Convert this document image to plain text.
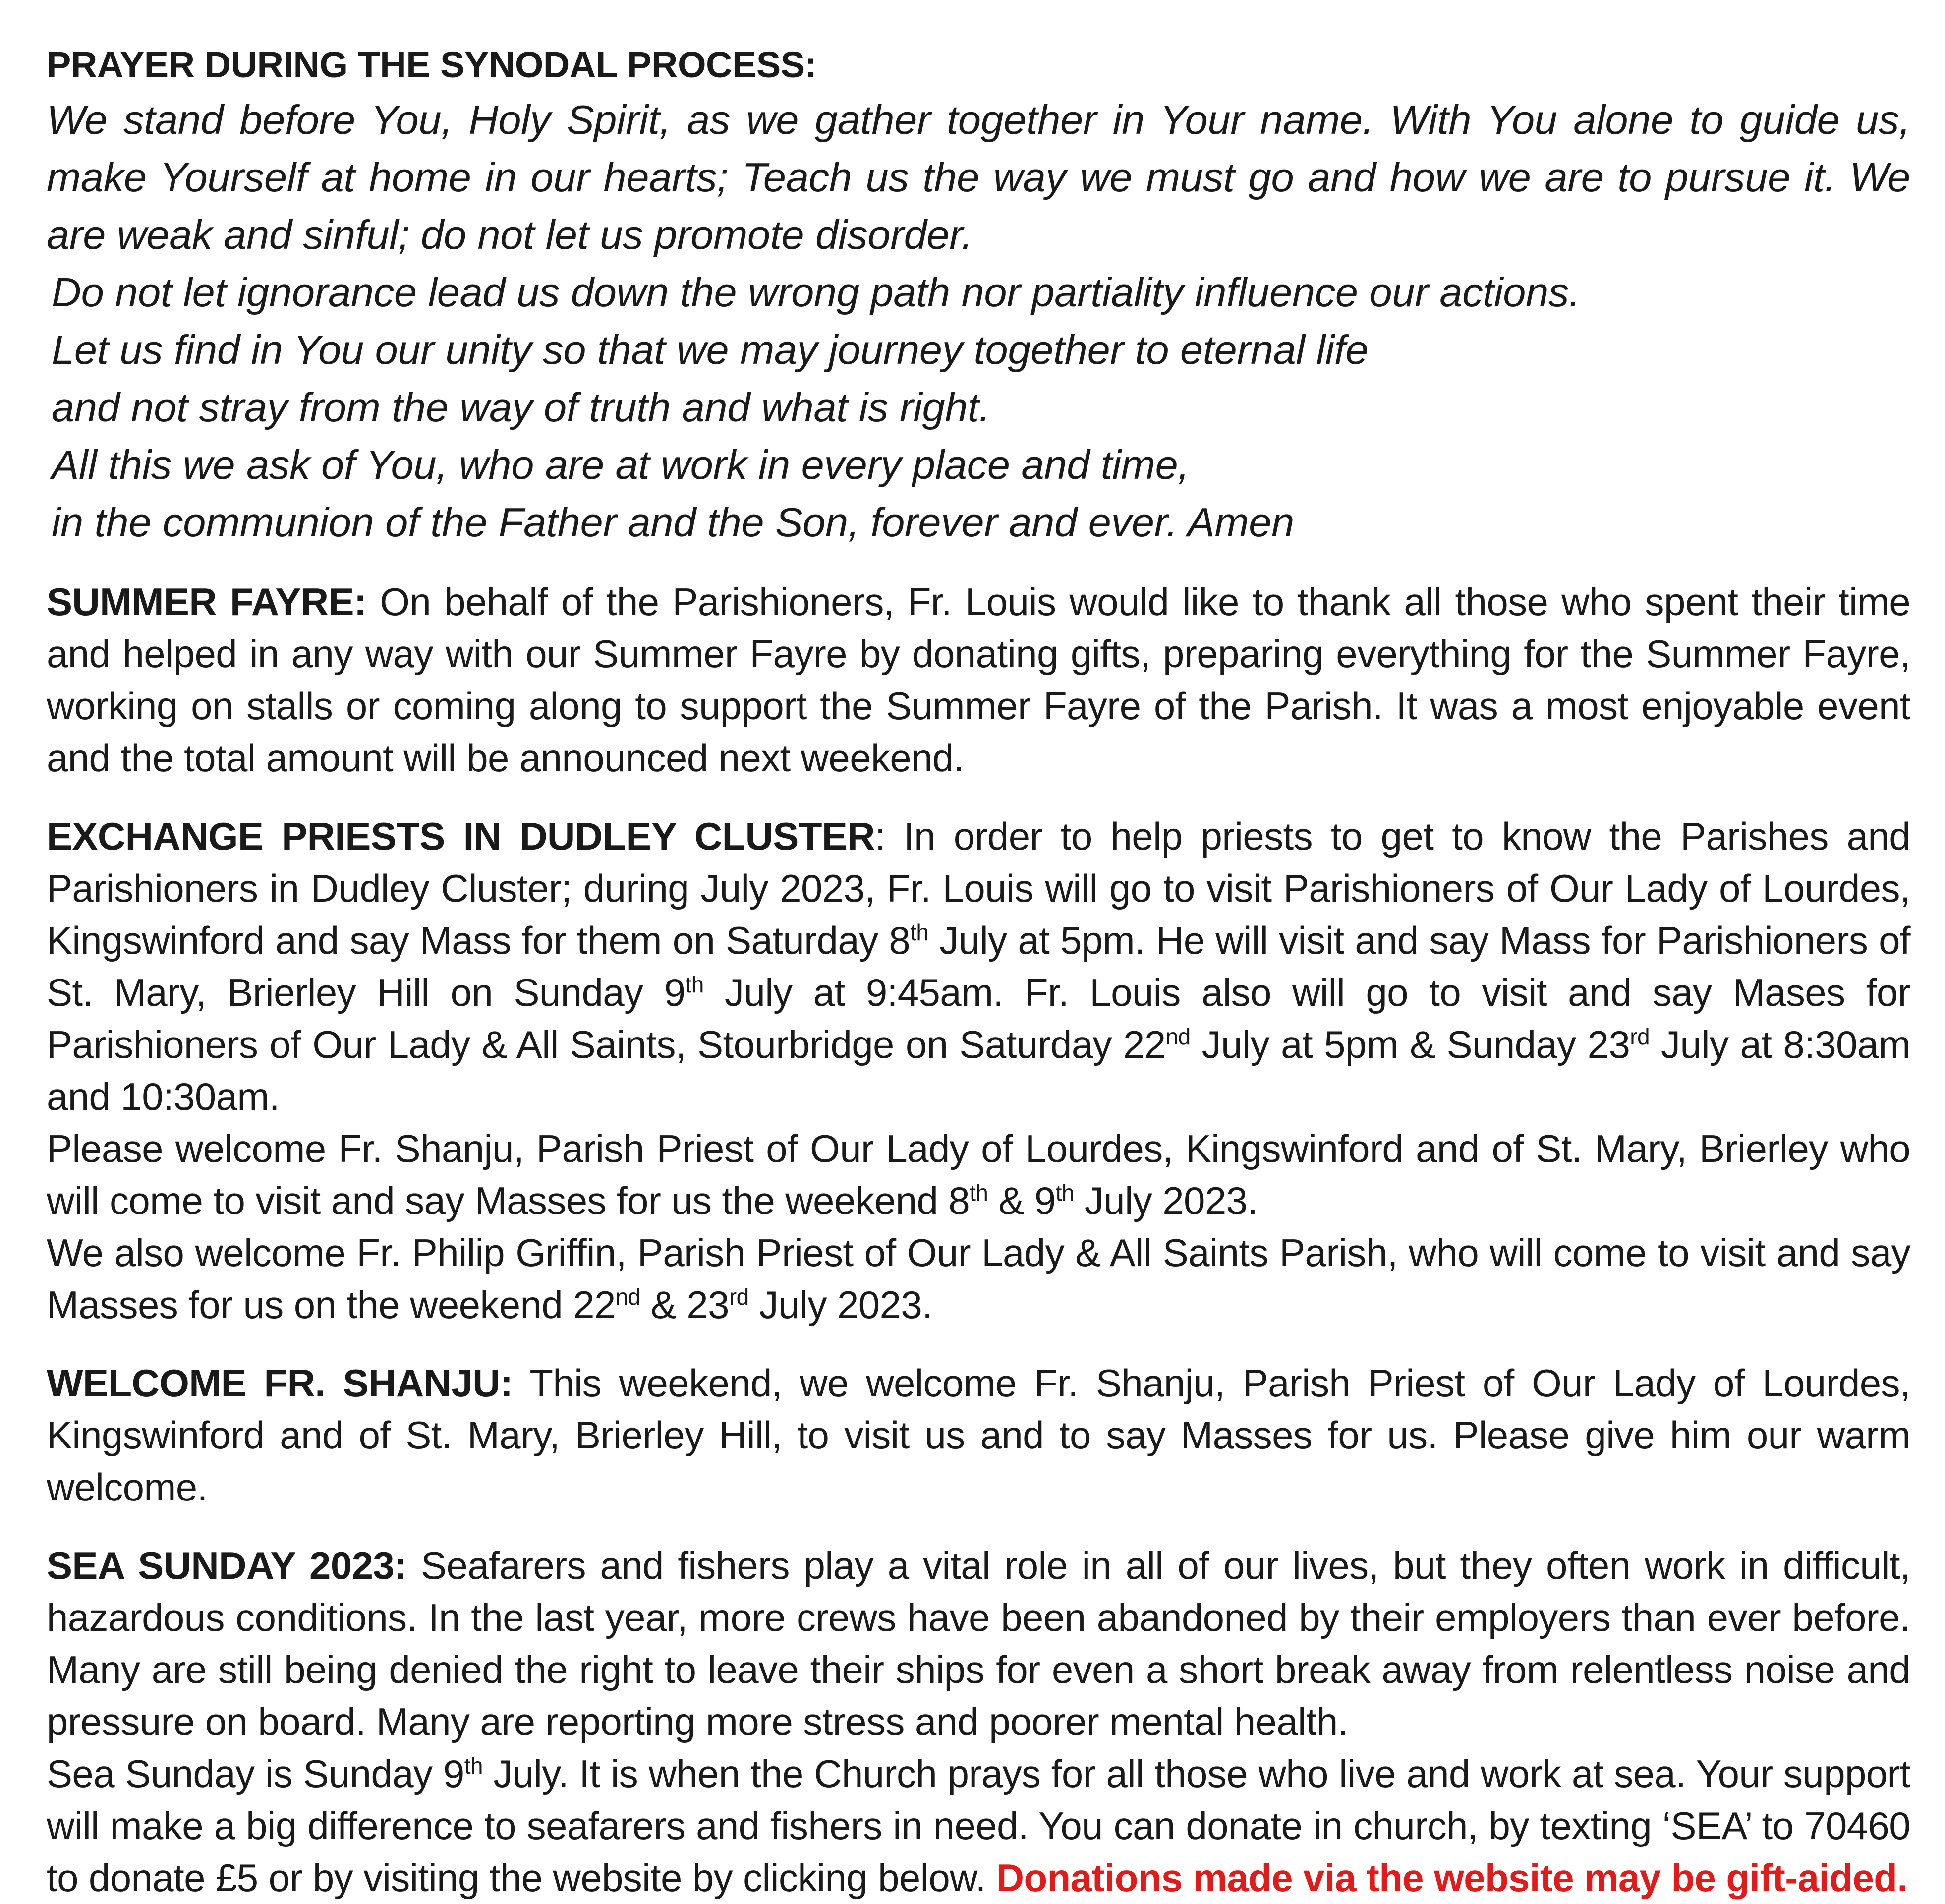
PRAYER DURING THE SYNODAL PROCESS:

We stand before You, Holy Spirit, as we gather together in Your name. With You alone to guide us, make Yourself at home in our hearts; Teach us the way we must go and how we are to pursue it. We are weak and sinful; do not let us promote disorder.

Do not let ignorance lead us down the wrong path nor partiality influence our actions.

Let us find in You our unity so that we may journey together to eternal life

and not stray from the way of truth and what is right.

All this we ask of You, who are at work in every place and time,

in the communion of the Father and the Son, forever and ever. Amen

SUMMER FAYRE: On behalf of the Parishioners, Fr. Louis would like to thank all those who spent their time and helped in any way with our Summer Fayre by donating gifts, preparing everything for the Summer Fayre, working on stalls or coming along to support the Summer Fayre of the Parish. It was a most enjoyable event and the total amount will be announced next weekend.

EXCHANGE PRIESTS IN DUDLEY CLUSTER: In order to help priests to get to know the Parishes and Parishioners in Dudley Cluster; during July 2023, Fr. Louis will go to visit Parishioners of Our Lady of Lourdes, Kingswinford and say Mass for them on Saturday 8th July at 5pm. He will visit and say Mass for Parishioners of St. Mary, Brierley Hill on Sunday 9th July at 9:45am. Fr. Louis also will go to visit and say Mases for Parishioners of Our Lady & All Saints, Stourbridge on Saturday 22nd July at 5pm & Sunday 23rd July at 8:30am and 10:30am.

Please welcome Fr. Shanju, Parish Priest of Our Lady of Lourdes, Kingswinford and of St. Mary, Brierley who will come to visit and say Masses for us the weekend 8th & 9th July 2023.

We also welcome Fr. Philip Griffin, Parish Priest of Our Lady & All Saints Parish, who will come to visit and say Masses for us on the weekend 22nd & 23rd July 2023.

WELCOME FR. SHANJU: This weekend, we welcome Fr. Shanju, Parish Priest of Our Lady of Lourdes, Kingswinford and of St. Mary, Brierley Hill, to visit us and to say Masses for us. Please give him our warm welcome.

SEA SUNDAY 2023: Seafarers and fishers play a vital role in all of our lives, but they often work in difficult, hazardous conditions. In the last year, more crews have been abandoned by their employers than ever before. Many are still being denied the right to leave their ships for even a short break away from relentless noise and pressure on board. Many are reporting more stress and poorer mental health.

Sea Sunday is Sunday 9th July. It is when the Church prays for all those who live and work at sea. Your support will make a big difference to seafarers and fishers in need. You can donate in church, by texting ‘SEA’ to 70460 to donate £5 or by visiting the website by clicking below. Donations made via the website may be gift-aided.
